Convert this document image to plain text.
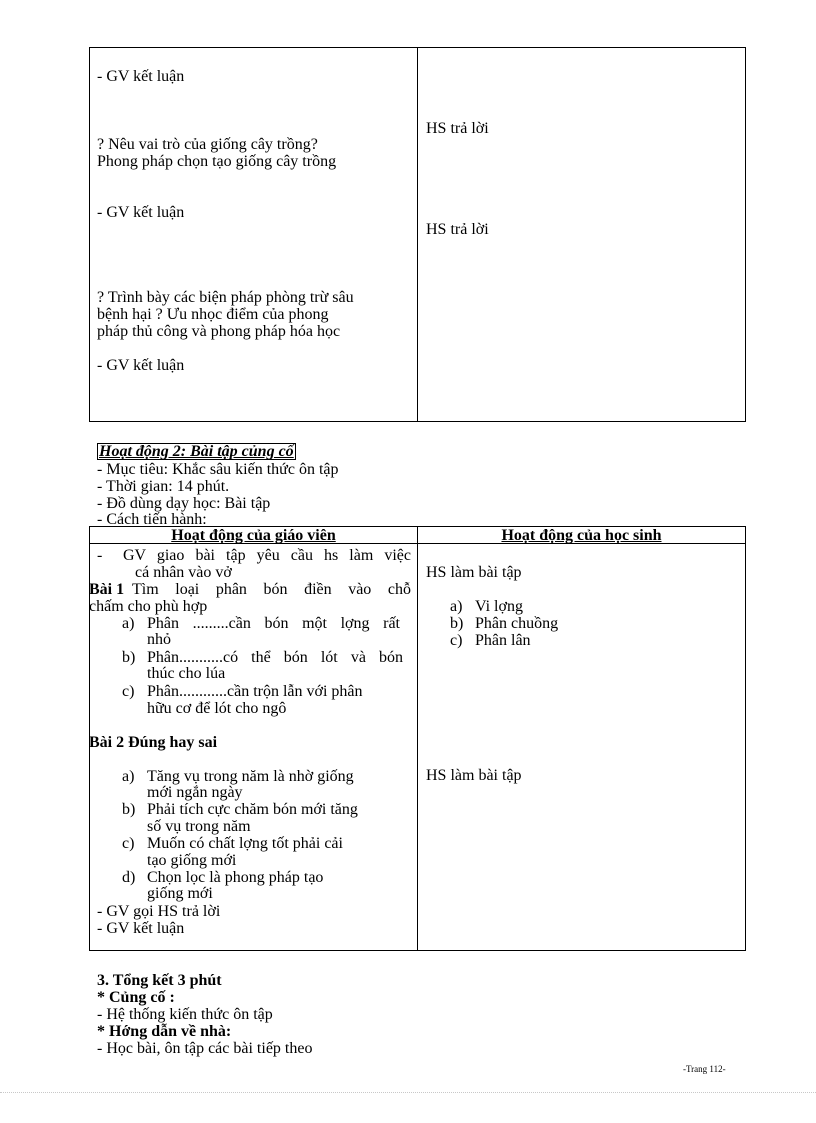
- GV kết luận
? Nêu vai trò của giống cây trồng?
Phong pháp chọn tạo giống cây trồng
- GV kết luận
? Trình bày các biện pháp phòng trừ sâu
bệnh hại ? Ưu nhọc điểm của phong
pháp thủ công và phong pháp hóa học
- GV kết luận
HS trả lời
HS trả lời
Hoạt động 2: Bài tập củng cố
- Mục tiêu: Khắc sâu kiến thức ôn tập
- Thời gian: 14 phút.
- Đồ dùng dạy học: Bài tập
- Cách tiến hành:
Hoạt động của giáo viên	Hoạt động của học sinh
- GV giao bài tập yêu cầu hs làm việc
cá nhân vào vở
Bài 1 Tìm loại phân bón điền vào chỗ
chấm cho phù hợp
a) Phân .........cần bón một lợng rất
nhỏ
b) Phân...........có thể bón lót và bón
thúc cho lúa
c) Phân............cần trộn lẫn với phân
hữu cơ để lót cho ngô
Bài 2 Đúng hay sai
a) Tăng vụ trong năm là nhờ giống
mới ngắn ngày
b) Phải tích cực chăm bón mới tăng
số vụ trong năm
c) Muốn có chất lợng tốt phải cải
tạo giống mới
d) Chọn lọc là phong pháp tạo
giống mới
- GV gọi HS trả lời
- GV kết luận
HS làm bài tập
a) Vi lợng
b) Phân chuồng
c) Phân lân
HS làm bài tập
3. Tổng kết 3 phút
* Củng cố :
- Hệ thống kiến thức ôn tập
* Hớng dẫn về nhà:
- Học bài, ôn tập các bài tiếp theo
-Trang 112-
